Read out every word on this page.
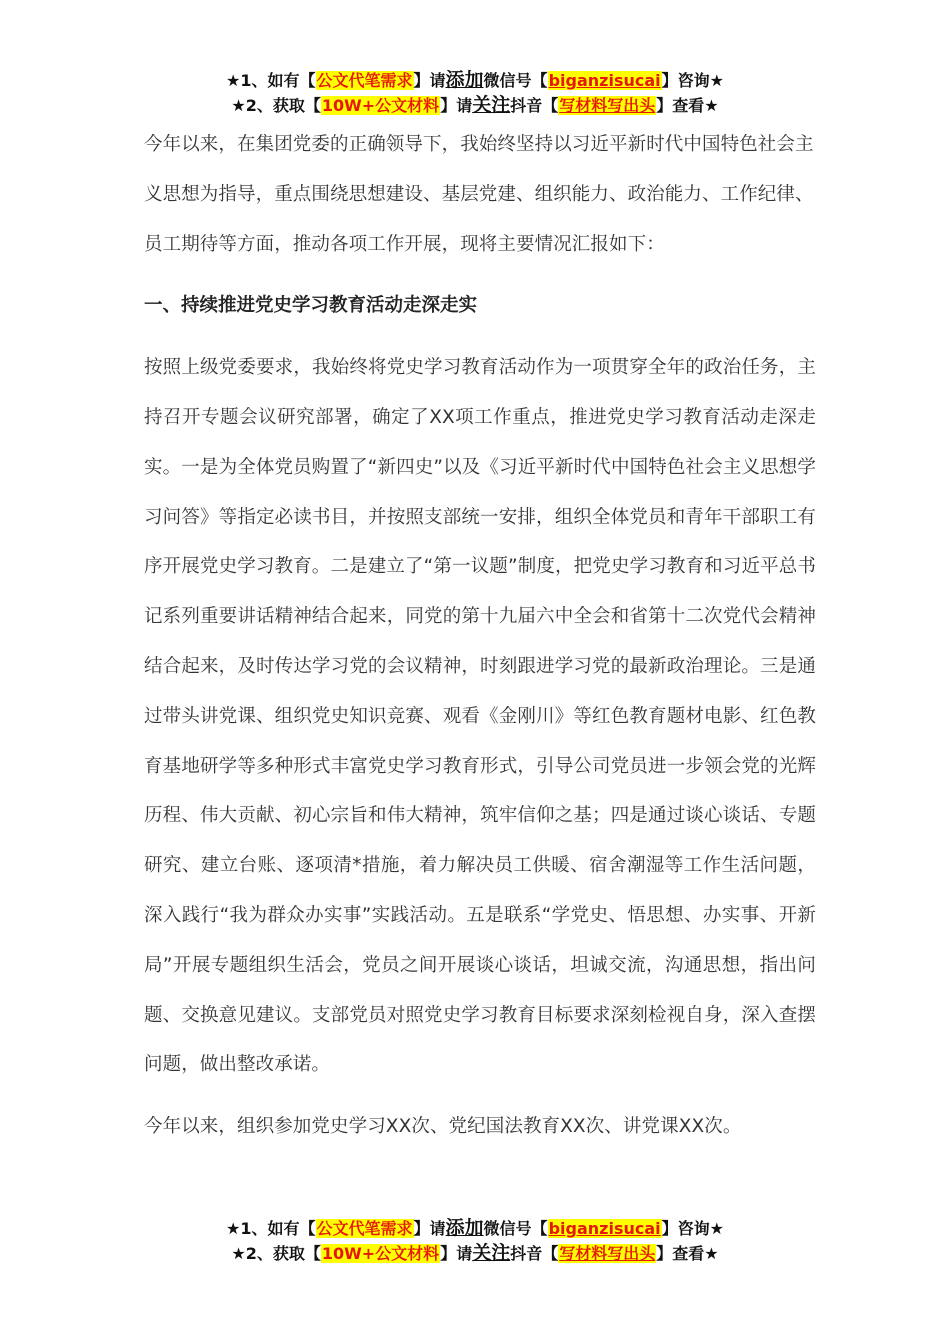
★1、如有【公文代笔需求】请添加微信号【biganzisucai】咨询★
★2、获取【10W+公文材料】请关注抖音【写材料写出头】查看★

今年以来，在集团党委的正确领导下，我始终坚持以习近平新时代中国特色社会主义思想为指导，重点围绕思想建设、基层党建、组织能力、政治能力、工作纪律、员工期待等方面，推动各项工作开展，现将主要情况汇报如下：

一、持续推进党史学习教育活动走深走实

按照上级党委要求，我始终将党史学习教育活动作为一项贯穿全年的政治任务，主持召开专题会议研究部署，确定了XX项工作重点，推进党史学习教育活动走深走实。一是为全体党员购置了“新四史”以及《习近平新时代中国特色社会主义思想学习问答》等指定必读书目，并按照支部统一安排，组织全体党员和青年干部职工有序开展党史学习教育。二是建立了“第一议题”制度，把党史学习教育和习近平总书记系列重要讲话精神结合起来，同党的第十九届六中全会和省第十二次党代会精神结合起来，及时传达学习党的会议精神，时刻跟进学习党的最新政治理论。三是通过带头讲党课、组织党史知识竞赛、观看《金刚川》等红色教育题材电影、红色教育基地研学等多种形式丰富党史学习教育形式，引导公司党员进一步领会党的光辉历程、伟大贡献、初心宗旨和伟大精神，筑牢信仰之基；四是通过谈心谈话、专题研究、建立台账、逐项清*措施，着力解决员工供暖、宿舍潮湿等工作生活问题，深入践行“我为群众办实事”实践活动。五是联系“学党史、悟思想、办实事、开新局”开展专题组织生活会，党员之间开展谈心谈话，坦诚交流，沟通思想，指出问题、交换意见建议。支部党员对照党史学习教育目标要求深刻检视自身，深入查摆问题，做出整改承诺。

今年以来，组织参加党史学习XX次、党纪国法教育XX次、讲党课XX次。

★1、如有【公文代笔需求】请添加微信号【biganzisucai】咨询★
★2、获取【10W+公文材料】请关注抖音【写材料写出头】查看★
